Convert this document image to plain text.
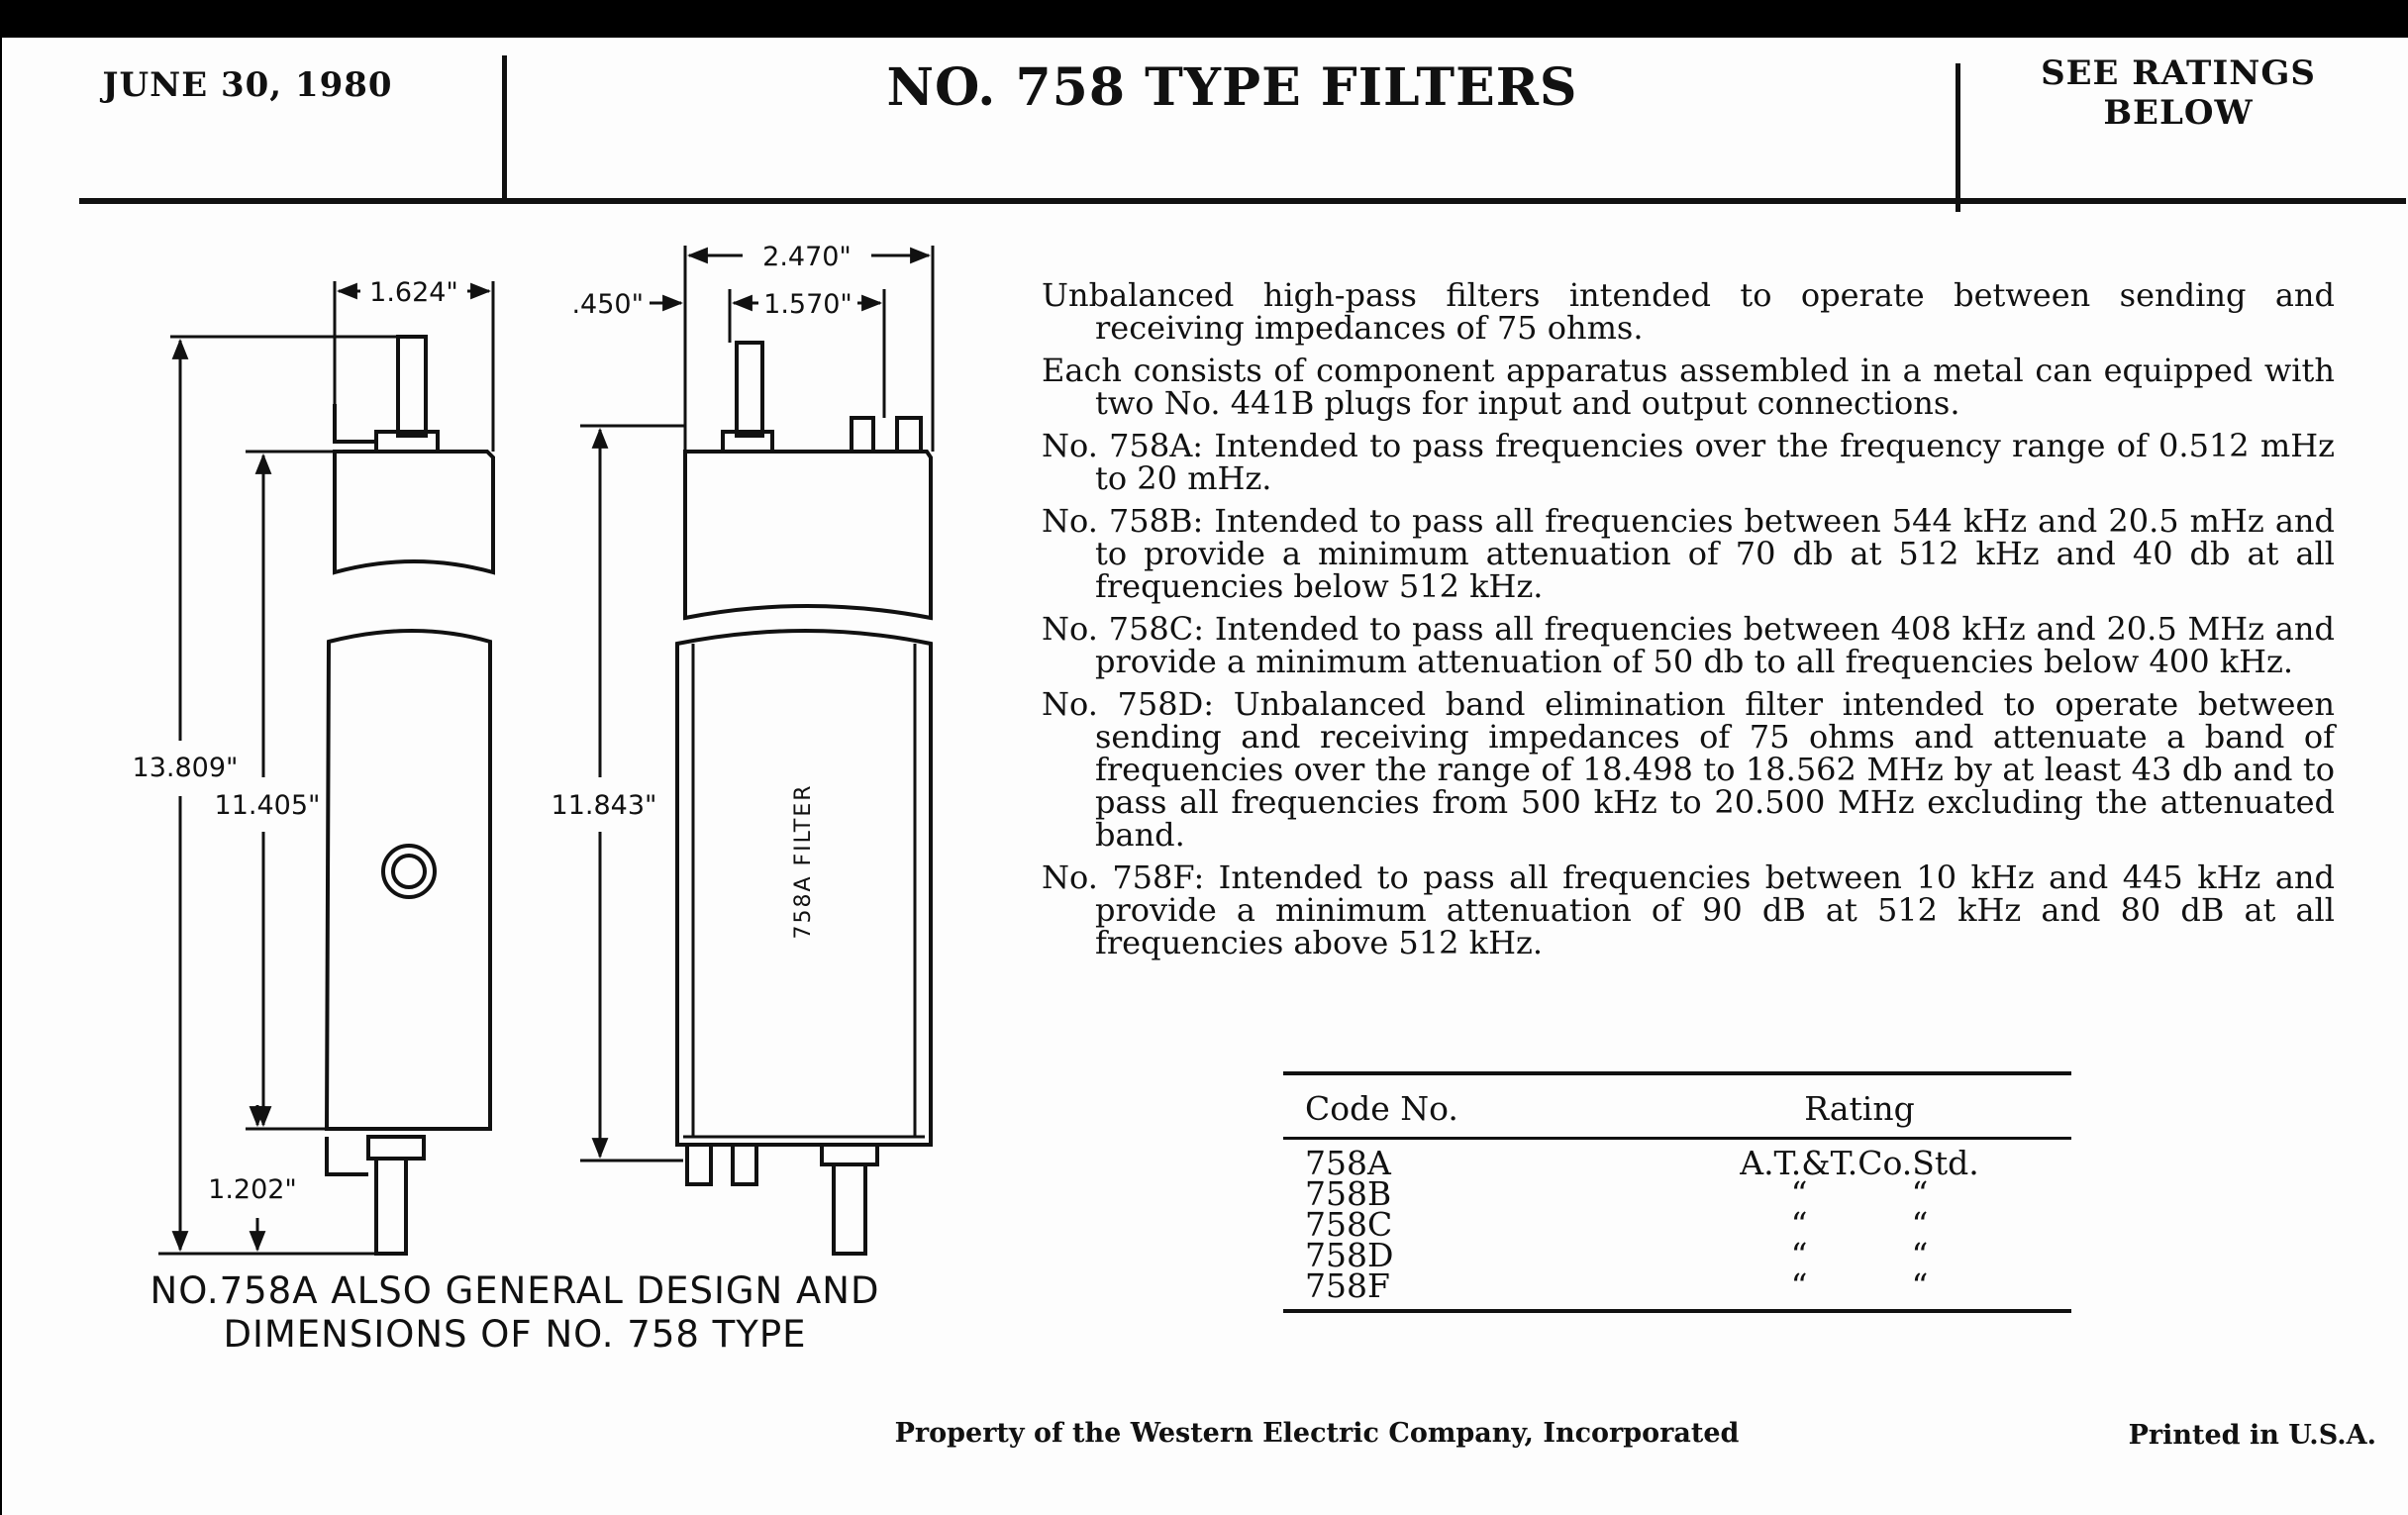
JUNE 30, 1980	NO. 758 TYPE FILTERS	SEE RATINGS
BELOW
1.624"
2.470"
.450"	1.570"
13.809"
11.405"	11.843"
1.202"
758A FILTER
NO.758A ALSO GENERAL DESIGN AND
DIMENSIONS OF NO. 758 TYPE

Unbalanced high-pass filters intended to operate between sending and receiving impedances of 75 ohms.

Each consists of component apparatus assembled in a metal can equipped with two No. 441B plugs for input and output connections.

No. 758A: Intended to pass frequencies over the frequency range of 0.512 mHz to 20 mHz.

No. 758B: Intended to pass all frequencies between 544 kHz and 20.5 mHz and to provide a minimum attenuation of 70 db at 512 kHz and 40 db at all frequencies below 512 kHz.

No. 758C: Intended to pass all frequencies between 408 kHz and 20.5 MHz and provide a minimum attenuation of 50 db to all frequencies below 400 kHz.

No. 758D: Unbalanced band elimination filter intended to operate between sending and receiving impedances of 75 ohms and attenuate a band of frequencies over the range of 18.498 to 18.562 MHz by at least 43 db and to pass all frequencies from 500 kHz to 20.500 MHz excluding the attenuated band.

No. 758F: Intended to pass all frequencies between 10 kHz and 445 kHz and provide a minimum attenuation of 90 dB at 512 kHz and 80 dB at all frequencies above 512 kHz.

Code No.	Rating
758A	A.T.&T.Co.Std.
758B	“          “
758C	“          “
758D	“          “
758F	“          “
Property of the Western Electric Company, Incorporated	Printed in U.S.A.
